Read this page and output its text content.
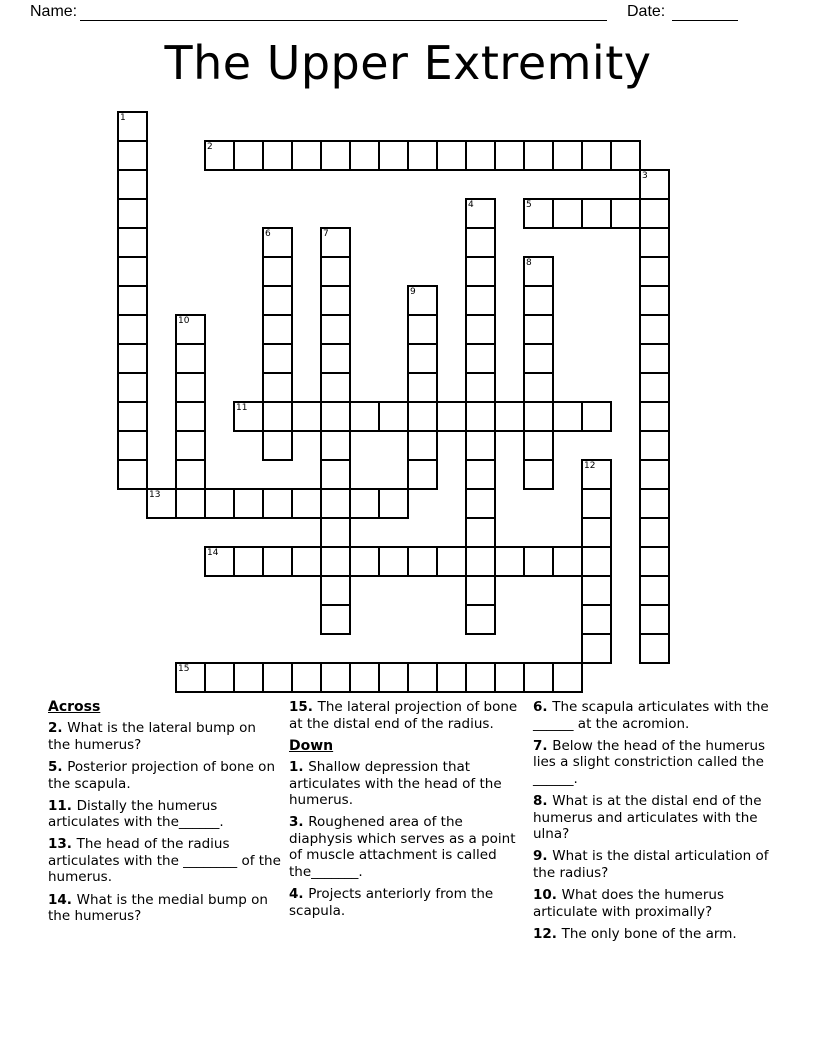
Name:	Date:
The Upper Extremity
2
5
11
13
14
15
1
3
4
6	7
8
9
10
12
Across
2. What is the lateral bump on the humerus?
5. Posterior projection of bone on the scapula.
11. Distally the humerus articulates with the______.
13. The head of the radius articulates with the ________ of the humerus.
14. What is the medial bump on the humerus?
15. The lateral projection of bone at the distal end of the radius.
Down
1. Shallow depression that articulates with the head of the humerus.
3. Roughened area of the diaphysis which serves as a point of muscle attachment is called the_______.
4. Projects anteriorly from the scapula.
6. The scapula articulates with the ______ at the acromion.
7. Below the head of the humerus lies a slight constriction called the ______.
8. What is at the distal end of the humerus and articulates with the ulna?
9. What is the distal articulation of the radius?
10. What does the humerus articulate with proximally?
12. The only bone of the arm.
